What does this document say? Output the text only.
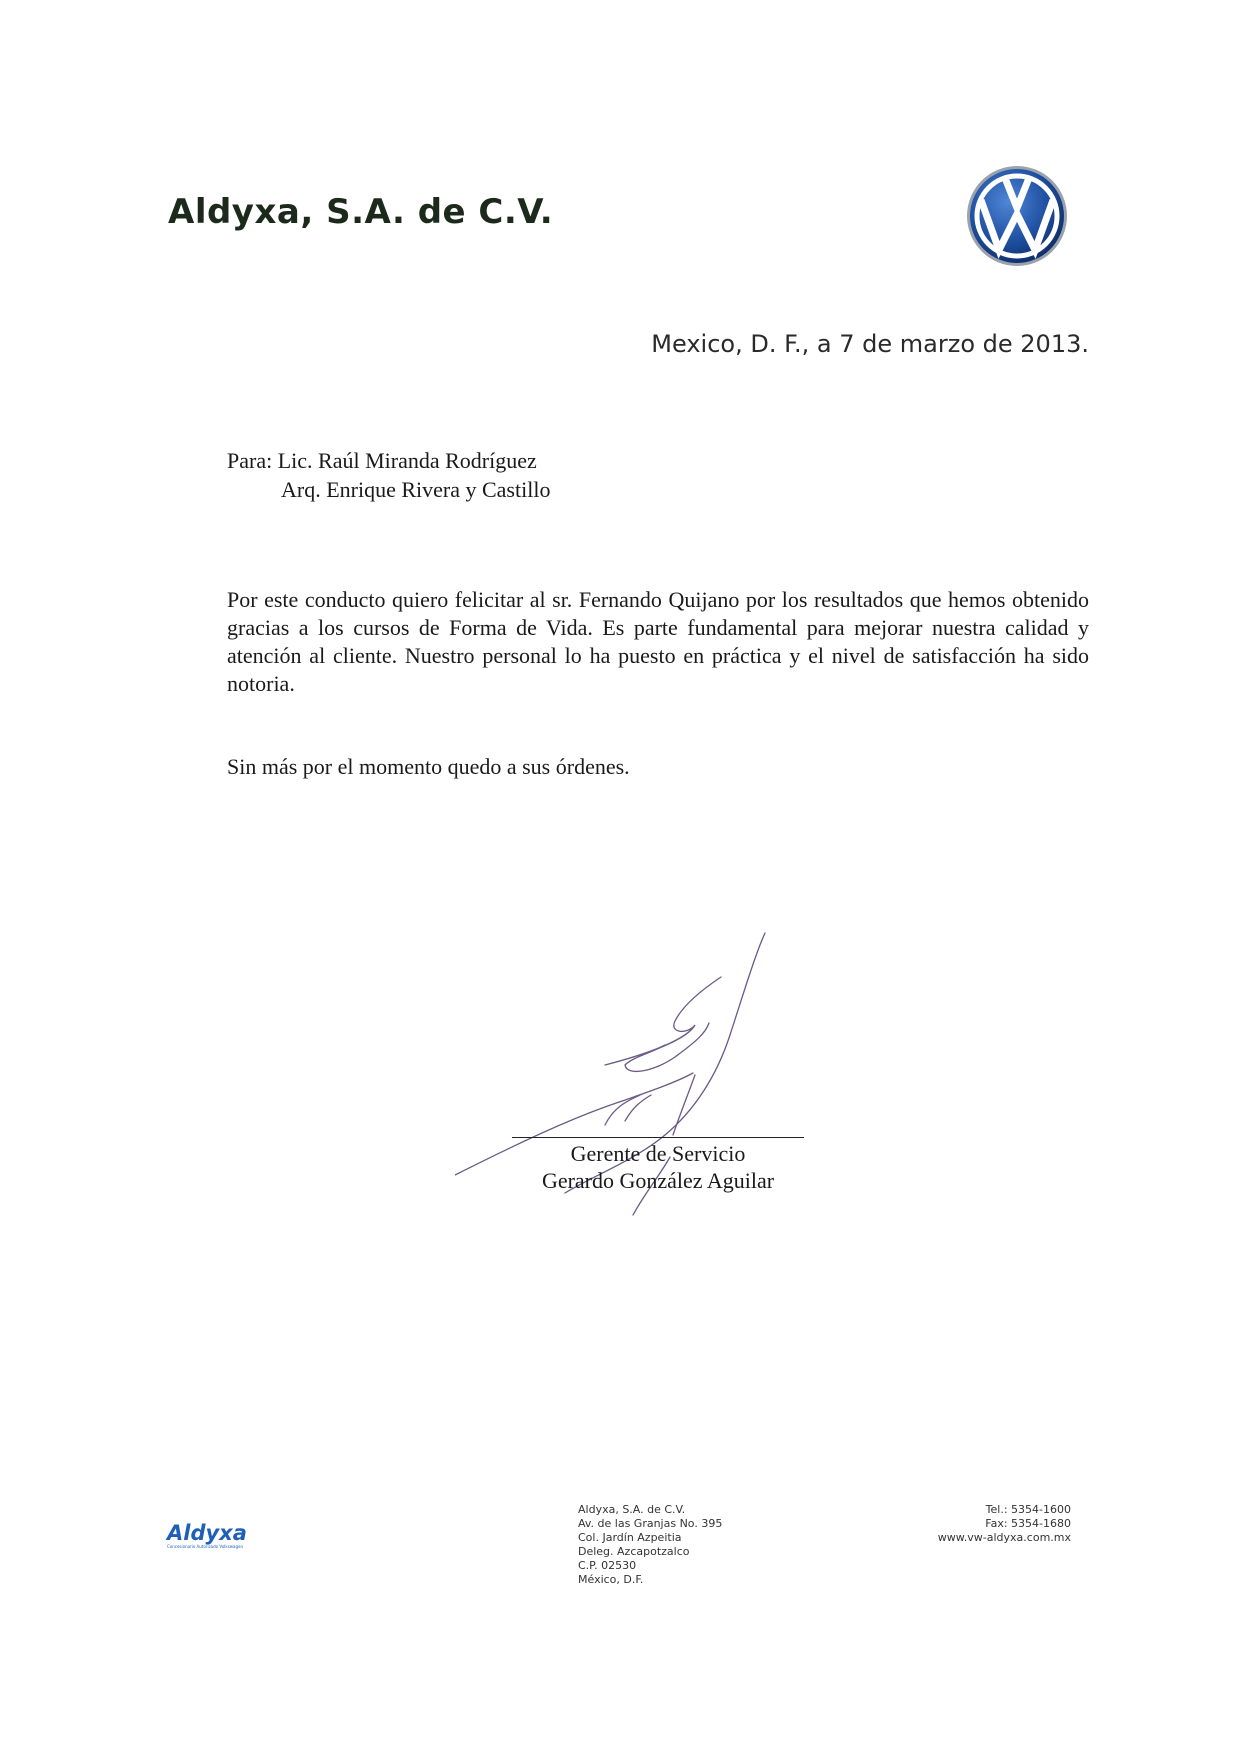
Aldyxa, S.A. de C.V.
Mexico, D. F., a 7 de marzo de 2013.
Para: Lic. Raúl Miranda Rodríguez
Arq. Enrique Rivera y Castillo

Por este conducto quiero felicitar al sr. Fernando Quijano por los resultados que hemos obtenido gracias a los cursos de Forma de Vida. Es parte fundamental para mejorar nuestra calidad y atención al cliente. Nuestro personal lo ha puesto en práctica y el nivel de satisfacción ha sido notoria.

Sin más por el momento quedo a sus órdenes.

Gerente de Servicio
Gerardo González Aguilar
Aldyxa
Concesionario Autorizado Volkswagen
Aldyxa, S.A. de C.V.
Av. de las Granjas No. 395
Col. Jardín Azpeitia
Deleg. Azcapotzalco
C.P. 02530
México, D.F.
Tel.: 5354-1600
Fax: 5354-1680
www.vw-aldyxa.com.mx
